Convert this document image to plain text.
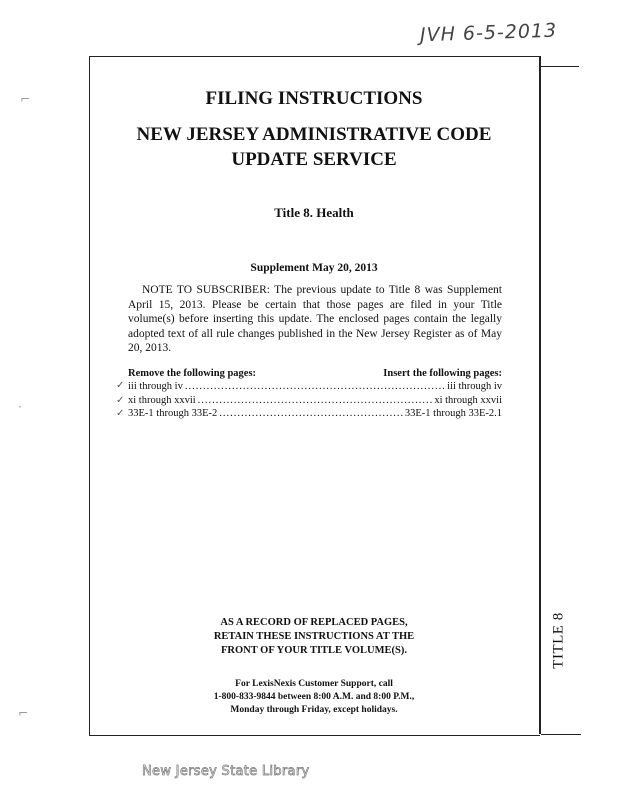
JVH 6-5-2013
TITLE 8
FILING INSTRUCTIONS
NEW JERSEY ADMINISTRATIVE CODE
UPDATE SERVICE
Title 8. Health
Supplement May 20, 2013
NOTE TO SUBSCRIBER: The previous update to Title 8 was Supplement April 15, 2013. Please be certain that those pages are filed in your Title volume(s) before inserting this update. The enclosed pages contain the legally adopted text of all rule changes published in the New Jersey Register as of May 20, 2013.
Remove the following pages:	Insert the following pages:
✓ iii through iv .....	iii through iv
✓ xi through xxvii .....	xi through xxvii
✓ 33E-1 through 33E-2 .....	33E-1 through 33E-2.1
AS A RECORD OF REPLACED PAGES,
RETAIN THESE INSTRUCTIONS AT THE
FRONT OF YOUR TITLE VOLUME(S).
For LexisNexis Customer Support, call
1-800-833-9844 between 8:00 A.M. and 8:00 P.M.,
Monday through Friday, except holidays.
New Jersey State Library
⌐
·
⌐
